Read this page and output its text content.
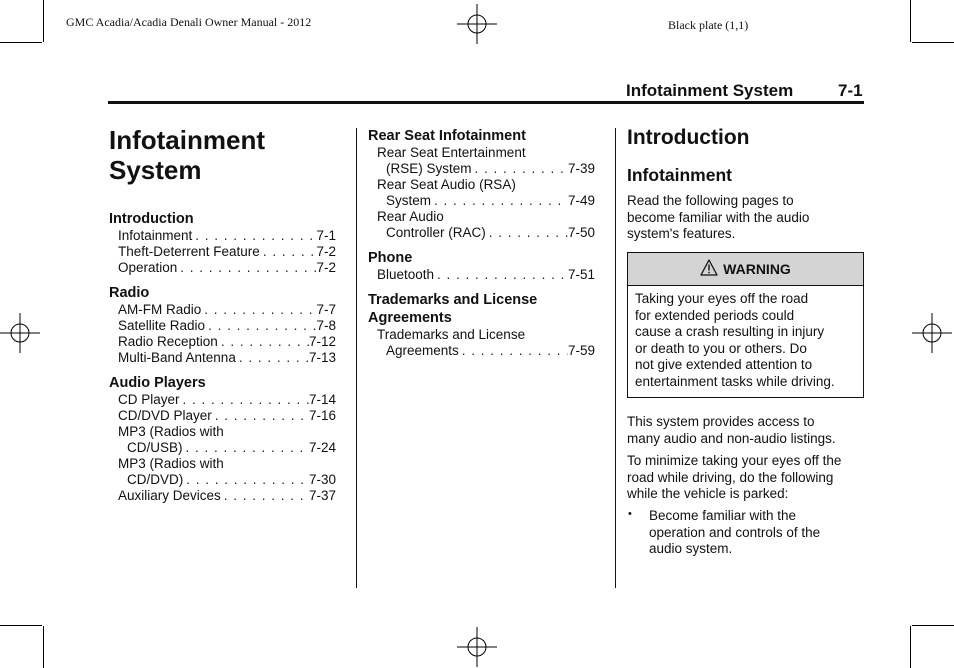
GMC Acadia/Acadia Denali Owner Manual - 2012	Black plate (1,1)
Infotainment System	7-1
Infotainment System
Introduction
Infotainment . . .	7-1
Theft-Deterrent Feature . . .	7-2
Operation . . .	7-2
Radio
AM-FM Radio . . .	7-7
Satellite Radio . . .	7-8
Radio Reception . . .	7-12
Multi-Band Antenna . . .	7-13
Audio Players
CD Player . . .	7-14
CD/DVD Player . . .	7-16
MP3 (Radios with
CD/USB) . . .	7-24
MP3 (Radios with
CD/DVD) . . .	7-30
Auxiliary Devices . . .	7-37
Rear Seat Infotainment
Rear Seat Entertainment
(RSE) System . . .	7-39
Rear Seat Audio (RSA)
System . . .	7-49
Rear Audio
Controller (RAC) . . .	7-50
Phone
Bluetooth . . .	7-51
Trademarks and License
Agreements
Trademarks and License
Agreements . . .	7-59
Introduction
Infotainment
Read the following pages to
become familiar with the audio
system's features.
WARNING
Taking your eyes off the road
for extended periods could
cause a crash resulting in injury
or death to you or others. Do
not give extended attention to
entertainment tasks while driving.
This system provides access to
many audio and non-audio listings.
To minimize taking your eyes off the
road while driving, do the following
while the vehicle is parked:
• Become familiar with the
operation and controls of the
audio system.
